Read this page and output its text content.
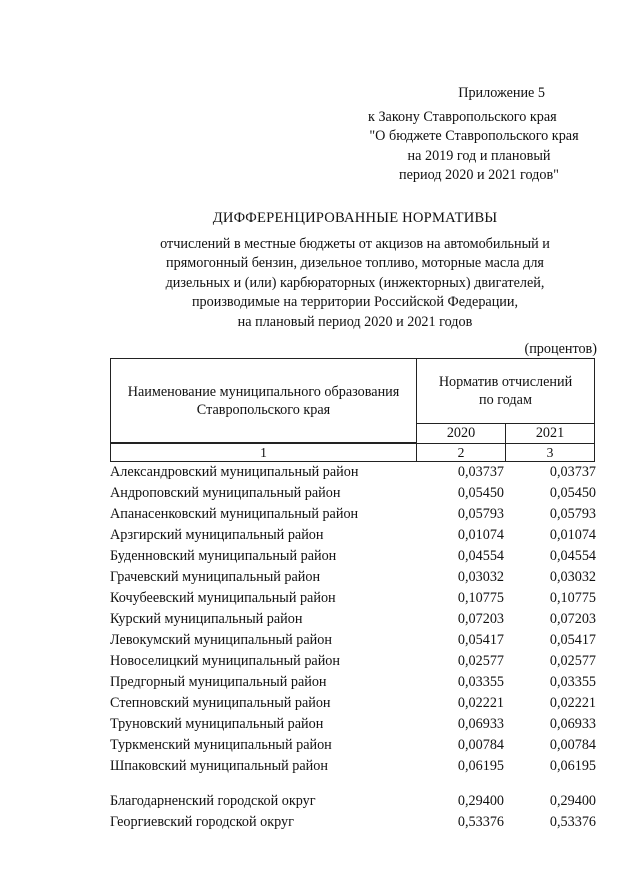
Приложение 5
к Закону Ставропольского края
"О бюджете Ставропольского края
на 2019 год и плановый
период 2020 и 2021 годов"
ДИФФЕРЕНЦИРОВАННЫЕ НОРМАТИВЫ
отчислений в местные бюджеты от акцизов на автомобильный и
прямогонный бензин, дизельное топливо, моторные масла для
дизельных и (или) карбюраторных (инжекторных) двигателей,
производимые на территории Российской Федерации,
на плановый период 2020 и 2021 годов
(процентов)
Наименование муниципального образования
Ставропольского края
Норматив отчислений
по годам
2020	2021
1	2	3
Александровский муниципальный район	0,03737	0,03737
Андроповский муниципальный район	0,05450	0,05450
Апанасенковский муниципальный район	0,05793	0,05793
Арзгирский муниципальный район	0,01074	0,01074
Буденновский муниципальный район	0,04554	0,04554
Грачевский муниципальный район	0,03032	0,03032
Кочубеевский муниципальный район	0,10775	0,10775
Курский муниципальный район	0,07203	0,07203
Левокумский муниципальный район	0,05417	0,05417
Новоселицкий муниципальный район	0,02577	0,02577
Предгорный муниципальный район	0,03355	0,03355
Степновский муниципальный район	0,02221	0,02221
Труновский муниципальный район	0,06933	0,06933
Туркменский муниципальный район	0,00784	0,00784
Шпаковский муниципальный район	0,06195	0,06195
Благодарненский городской округ	0,29400	0,29400
Георгиевский городской округ	0,53376	0,53376
